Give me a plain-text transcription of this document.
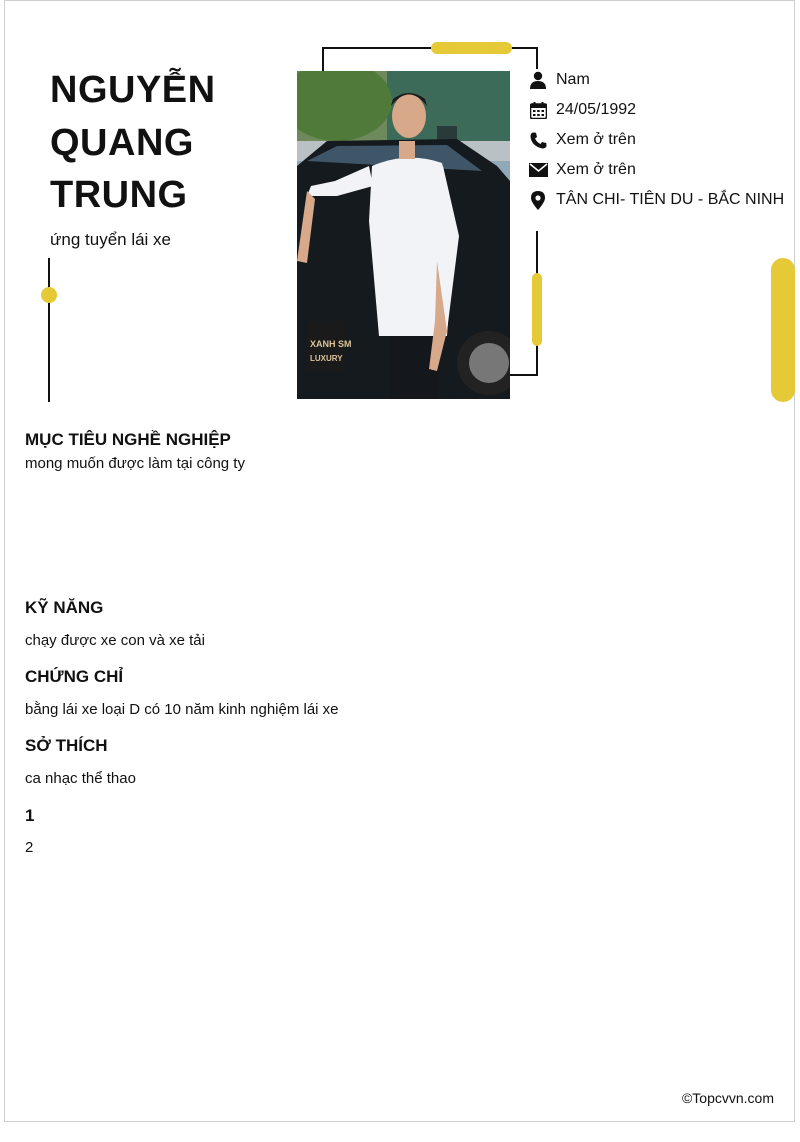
NGUYỄN
QUANG
TRUNG
ứng tuyển lái xe
XANH SM
LUXURY
Nam
24/05/1992
Xem ở trên
Xem ở trên
TÂN CHI- TIÊN DU - BẮC NINH
MỤC TIÊU NGHỀ NGHIỆP
mong muốn được làm tại công ty
KỸ NĂNG
chạy được xe con và xe tải
CHỨNG CHỈ
bằng lái xe loại D có 10 năm kinh nghiệm lái xe
SỞ THÍCH
ca nhạc thể thao
1
2
©Topcvvn.com
